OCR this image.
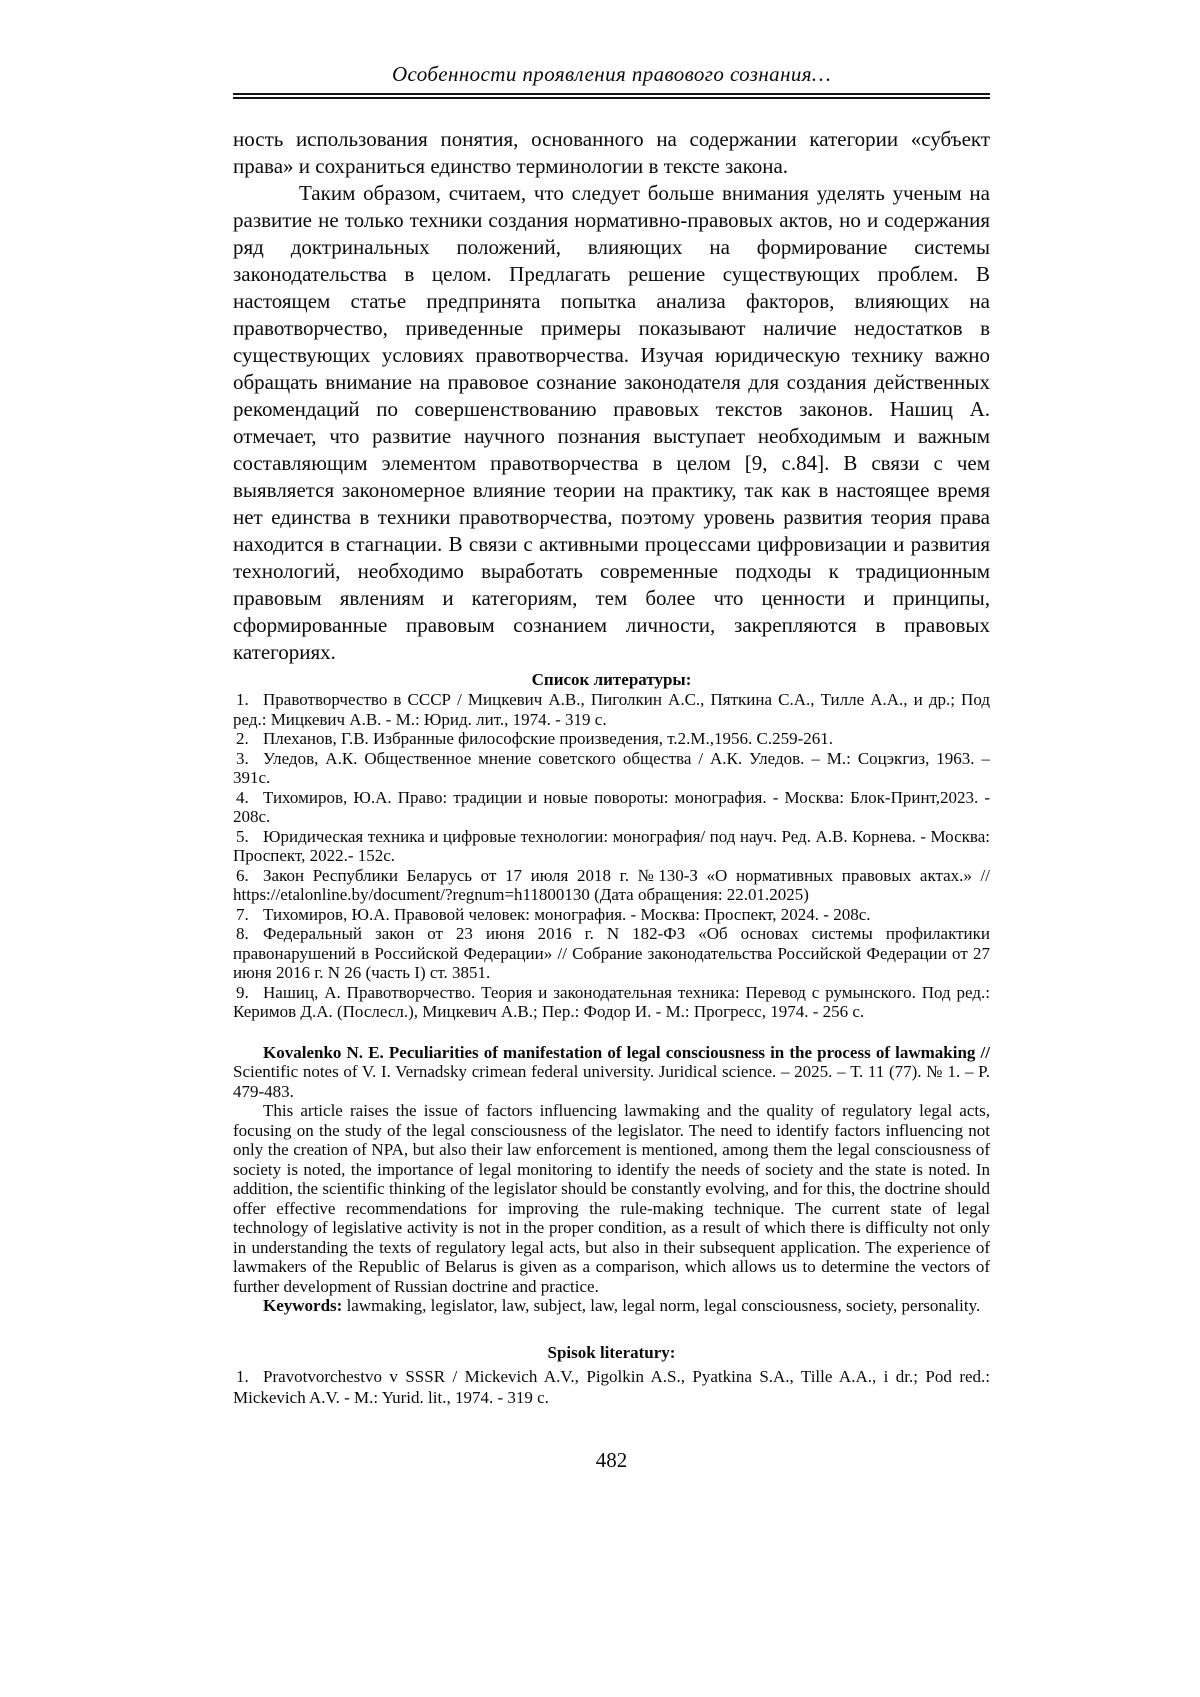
Особенности проявления правового сознания…

ность использования понятия, основанного на содержании категории «субъект права» и сохраниться единство терминологии в тексте закона.

Таким образом, считаем, что следует больше внимания уделять ученым на развитие не только техники создания нормативно-правовых актов, но и содержания ряд доктринальных положений, влияющих на формирование системы законодательства в целом. Предлагать решение существующих проблем. В настоящем статье предпринята попытка анализа факторов, влияющих на правотворчество, приведенные примеры показывают наличие недостатков в существующих условиях правотворчества. Изучая юридическую технику важно обращать внимание на правовое сознание законодателя для создания действенных рекомендаций по совершенствованию правовых текстов законов. Нашиц А. отмечает, что развитие научного познания выступает необходимым и важным составляющим элементом правотворчества в целом [9, с.84]. В связи с чем выявляется закономерное влияние теории на практику, так как в настоящее время нет единства в техники правотворчества, поэтому уровень развития теория права находится в стагнации. В связи с активными процессами цифровизации и развития технологий, необходимо выработать современные подходы к традиционным правовым явлениям и категориям, тем более что ценности и принципы, сформированные правовым сознанием личности, закрепляются в правовых категориях.

Список литературы:

1. Правотворчество в СССР / Мицкевич А.В., Пиголкин А.С., Пяткина С.А., Тилле А.А., и др.; Под ред.: Мицкевич А.В. - М.: Юрид. лит., 1974. - 319 с.

2. Плеханов, Г.В. Избранные философские произведения, т.2.М.,1956. С.259-261.

3. Уледов, А.К. Общественное мнение советского общества / А.К. Уледов. – М.: Соцэкгиз, 1963. – 391с.

4. Тихомиров, Ю.А. Право: традиции и новые повороты: монография. - Москва: Блок-Принт,2023. - 208с.

5. Юридическая техника и цифровые технологии: монография/ под науч. Ред. А.В. Корнева. - Москва: Проспект, 2022.- 152с.

6. Закон Республики Беларусь от 17 июля 2018 г. №130-З «О нормативных правовых актах.» // https://etalonline.by/document/?regnum=h11800130 (Дата обращения: 22.01.2025)

7. Тихомиров, Ю.А. Правовой человек: монография. - Москва: Проспект, 2024. - 208с.

8. Федеральный закон от 23 июня 2016 г. N 182-ФЗ «Об основах системы профилактики правонарушений в Российской Федерации» // Собрание законодательства Российской Федерации от 27 июня 2016 г. N 26 (часть I) ст. 3851.

9. Нашиц, А. Правотворчество. Теория и законодательная техника: Перевод с румынского. Под ред.: Керимов Д.А. (Послесл.), Мицкевич А.В.; Пер.: Фодор И. - М.: Прогресс, 1974. - 256 с.

Kovalenko N. E. Peculiarities of manifestation of legal consciousness in the process of lawmaking // Scientific notes of V. I. Vernadsky crimean federal university. Juridical science. – 2025. – Т. 11 (77). № 1. – P. 479-483.

This article raises the issue of factors influencing lawmaking and the quality of regulatory legal acts, focusing on the study of the legal consciousness of the legislator. The need to identify factors influencing not only the creation of NPA, but also their law enforcement is mentioned, among them the legal consciousness of society is noted, the importance of legal monitoring to identify the needs of society and the state is noted. In addition, the scientific thinking of the legislator should be constantly evolving, and for this, the doctrine should offer effective recommendations for improving the rule-making technique. The current state of legal technology of legislative activity is not in the proper condition, as a result of which there is difficulty not only in understanding the texts of regulatory legal acts, but also in their subsequent application. The experience of lawmakers of the Republic of Belarus is given as a comparison, which allows us to determine the vectors of further development of Russian doctrine and practice.

Keywords: lawmaking, legislator, law, subject, law, legal norm, legal consciousness, society, personality.

Spisok literatury:

1. Pravotvorchestvo v SSSR / Mickevich A.V., Pigolkin A.S., Pyatkina S.A., Tille A.A., i dr.; Pod red.: Mickevich A.V. - M.: Yurid. lit., 1974. - 319 c.

482
